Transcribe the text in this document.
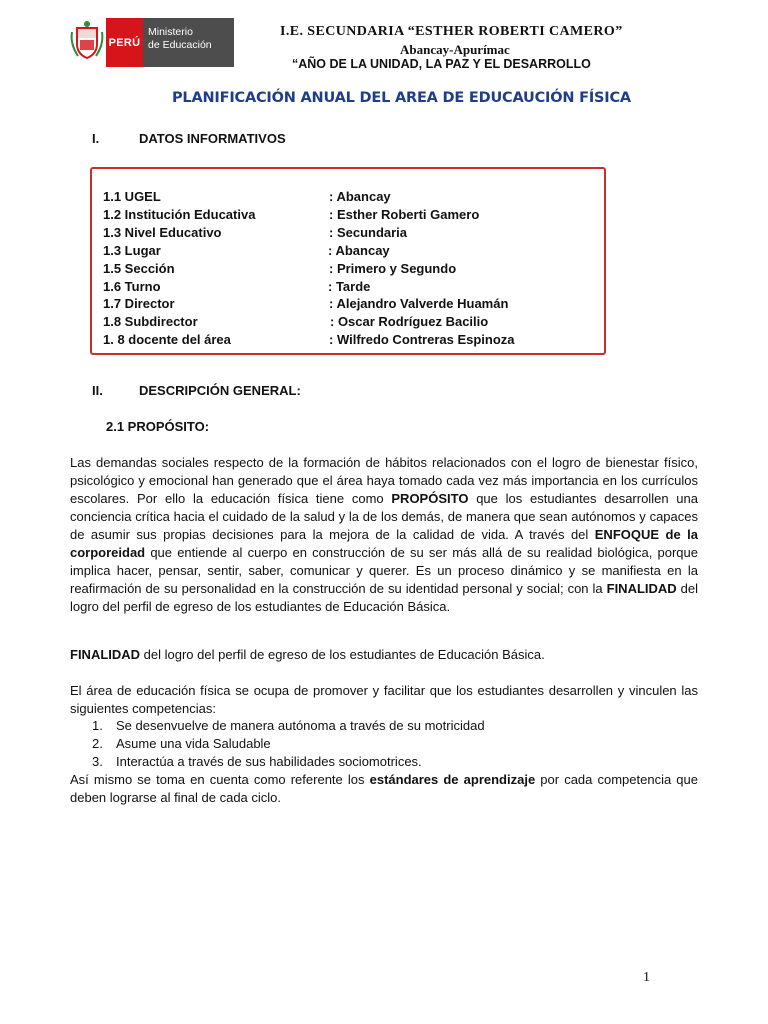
PERÚ
Ministerio
de Educación
I.E. SECUNDARIA “ESTHER ROBERTI CAMERO”
Abancay-Apurímac
“AÑO DE LA UNIDAD, LA PAZ Y EL DESARROLLO
PLANIFICACIÓN ANUAL DEL AREA DE EDUCAUCIÓN FÍSICA
I.	DATOS INFORMATIVOS
1.1 UGEL	: Abancay
1.2 Institución Educativa	: Esther Roberti Gamero
1.3 Nivel Educativo	: Secundaria
1.3 Lugar	: Abancay
1.5 Sección	: Primero y Segundo
1.6 Turno	: Tarde
1.7 Director	: Alejandro Valverde Huamán
1.8 Subdirector	: Oscar Rodríguez Bacilio
1. 8 docente del área	: Wilfredo Contreras Espinoza
II.	DESCRIPCIÓN GENERAL:
2.1 PROPÓSITO:
Las demandas sociales respecto de la formación de hábitos relacionados con el logro de bienestar físico, psicológico y emocional han generado que el área haya tomado cada vez más importancia en los currículos escolares. Por ello la educación física tiene como PROPÓSITO que los estudiantes desarrollen una conciencia crítica hacia el cuidado de la salud y la de los demás, de manera que sean autónomos y capaces de asumir sus propias decisiones para la mejora de la calidad de vida. A través del ENFOQUE de la corporeidad que entiende al cuerpo en construcción de su ser más allá de su realidad biológica, porque implica hacer, pensar, sentir, saber, comunicar y querer. Es un proceso dinámico y se manifiesta en la reafirmación de su personalidad en la construcción de su identidad personal y social; con la FINALIDAD del logro del perfil de egreso de los estudiantes de Educación Básica.
FINALIDAD del logro del perfil de egreso de los estudiantes de Educación Básica.
El área de educación física se ocupa de promover y facilitar que los estudiantes desarrollen y vinculen las siguientes competencias:
1. Se desenvuelve de manera autónoma a través de su motricidad
2. Asume una vida Saludable
3. Interactúa a través de sus habilidades sociomotrices.
Así mismo se toma en cuenta como referente los estándares de aprendizaje por cada competencia que deben lograrse al final de cada ciclo.
1
